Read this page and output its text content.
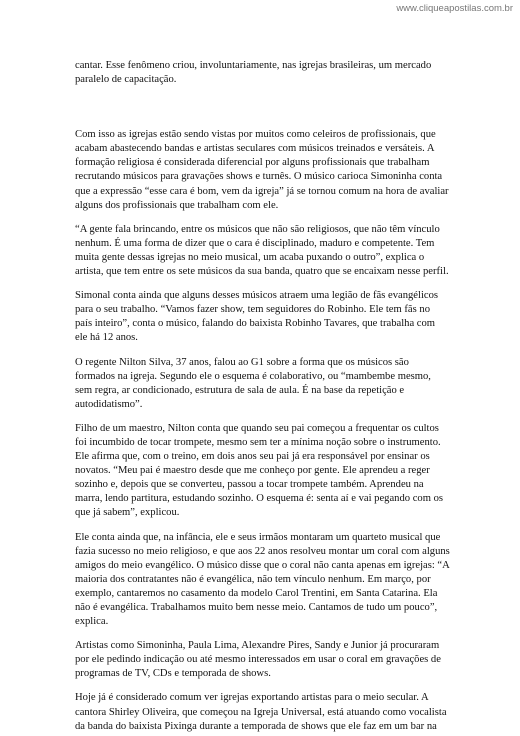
www.cliqueapostilas.com.br

cantar. Esse fenômeno criou, involuntariamente, nas igrejas brasileiras, um mercado
paralelo de capacitação.

Com isso as igrejas estão sendo vistas por muitos como celeiros de profissionais, que
acabam abastecendo bandas e artistas seculares com músicos treinados e versáteis. A
formação religiosa é considerada diferencial por alguns profissionais que trabalham
recrutando músicos para gravações shows e turnês. O músico carioca Simoninha conta
que a expressão “esse cara é bom, vem da igreja” já se tornou comum na hora de avaliar
alguns dos profissionais que trabalham com ele.

“A gente fala brincando, entre os músicos que não são religiosos, que não têm vínculo
nenhum. É uma forma de dizer que o cara é disciplinado, maduro e competente. Tem
muita gente dessas igrejas no meio musical, um acaba puxando o outro”, explica o
artista, que tem entre os sete músicos da sua banda, quatro que se encaixam nesse perfil.

Simonal conta ainda que alguns desses músicos atraem uma legião de fãs evangélicos
para o seu trabalho. “Vamos fazer show, tem seguidores do Robinho. Ele tem fãs no
país inteiro”, conta o músico, falando do baixista Robinho Tavares, que trabalha com
ele há 12 anos.

O regente Nilton Silva, 37 anos, falou ao G1 sobre a forma que os músicos são
formados na igreja. Segundo ele o esquema é colaborativo, ou “mambembe mesmo,
sem regra, ar condicionado, estrutura de sala de aula. É na base da repetição e
autodidatismo”.

Filho de um maestro, Nilton conta que quando seu pai começou a frequentar os cultos
foi incumbido de tocar trompete, mesmo sem ter a mínima noção sobre o instrumento.
Ele afirma que, com o treino, em dois anos seu pai já era responsável por ensinar os
novatos. “Meu pai é maestro desde que me conheço por gente. Ele aprendeu a reger
sozinho e, depois que se converteu, passou a tocar trompete também. Aprendeu na
marra, lendo partitura, estudando sozinho. O esquema é: senta aí e vai pegando com os
que já sabem”, explicou.

Ele conta ainda que, na infância, ele e seus irmãos montaram um quarteto musical que
fazia sucesso no meio religioso, e que aos 22 anos resolveu montar um coral com alguns
amigos do meio evangélico. O músico disse que o coral não canta apenas em igrejas: “A
maioria dos contratantes não é evangélica, não tem vínculo nenhum. Em março, por
exemplo, cantaremos no casamento da modelo Carol Trentini, em Santa Catarina. Ela
não é evangélica. Trabalhamos muito bem nesse meio. Cantamos de tudo um pouco”,
explica.

Artistas como Simoninha, Paula Lima, Alexandre Pires, Sandy e Junior já procuraram
por ele pedindo indicação ou até mesmo interessados em usar o coral em gravações de
programas de TV, CDs e temporada de shows.

Hoje já é considerado comum ver igrejas exportando artistas para o meio secular. A
cantora Shirley Oliveira, que começou na Igreja Universal, está atuando como vocalista
da banda do baixista Pixinga durante a temporada de shows que ele faz em um bar na
